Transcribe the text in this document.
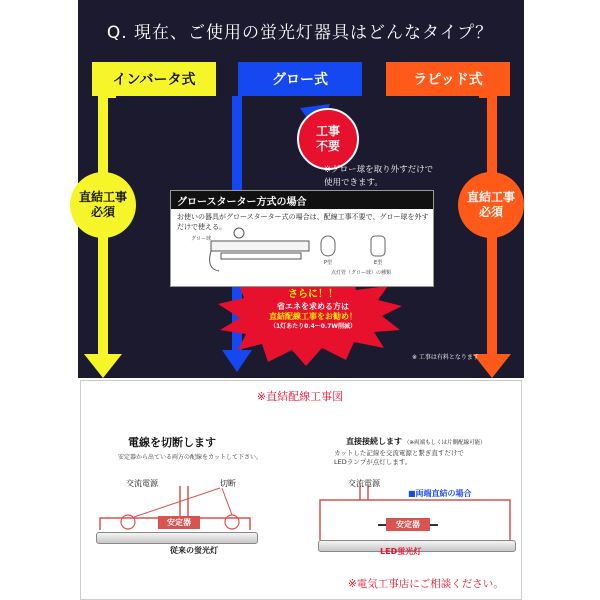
Q. 現在、ご使用の蛍光灯器具はどんなタイプ？
インバータ式	グロー式	ラピッド式
直結工事
必須
直結工事
必須
工事
不要
※グロー球を取り外すだけで
使用できます。
グロースターター方式の場合
お使いの器具がグロースターター式の場合は、配線工事不要で、グロー球を外すだけで使える。
グロー球
P型	E型
点灯管（グロー球）の種類
さらに！！
省エネを求める方は
直結配線工事をお勧め！
（1灯あたり0.4～0.7W削減）
※ 工事は有料となります
※直結配線工事図
電線を切断します
安定器から出ている両方の配線をカットして下さい。
直接接続します （※両端もしくは片側配線可能）
カットした記線を交流電源と繋ぎ直すだけで
LEDランプが点灯します。
交流電源	切断
安定器
従来の蛍光灯
交流電源
■両端直結の場合
安定器
LED蛍光灯
※電気工事店にご相談ください。
